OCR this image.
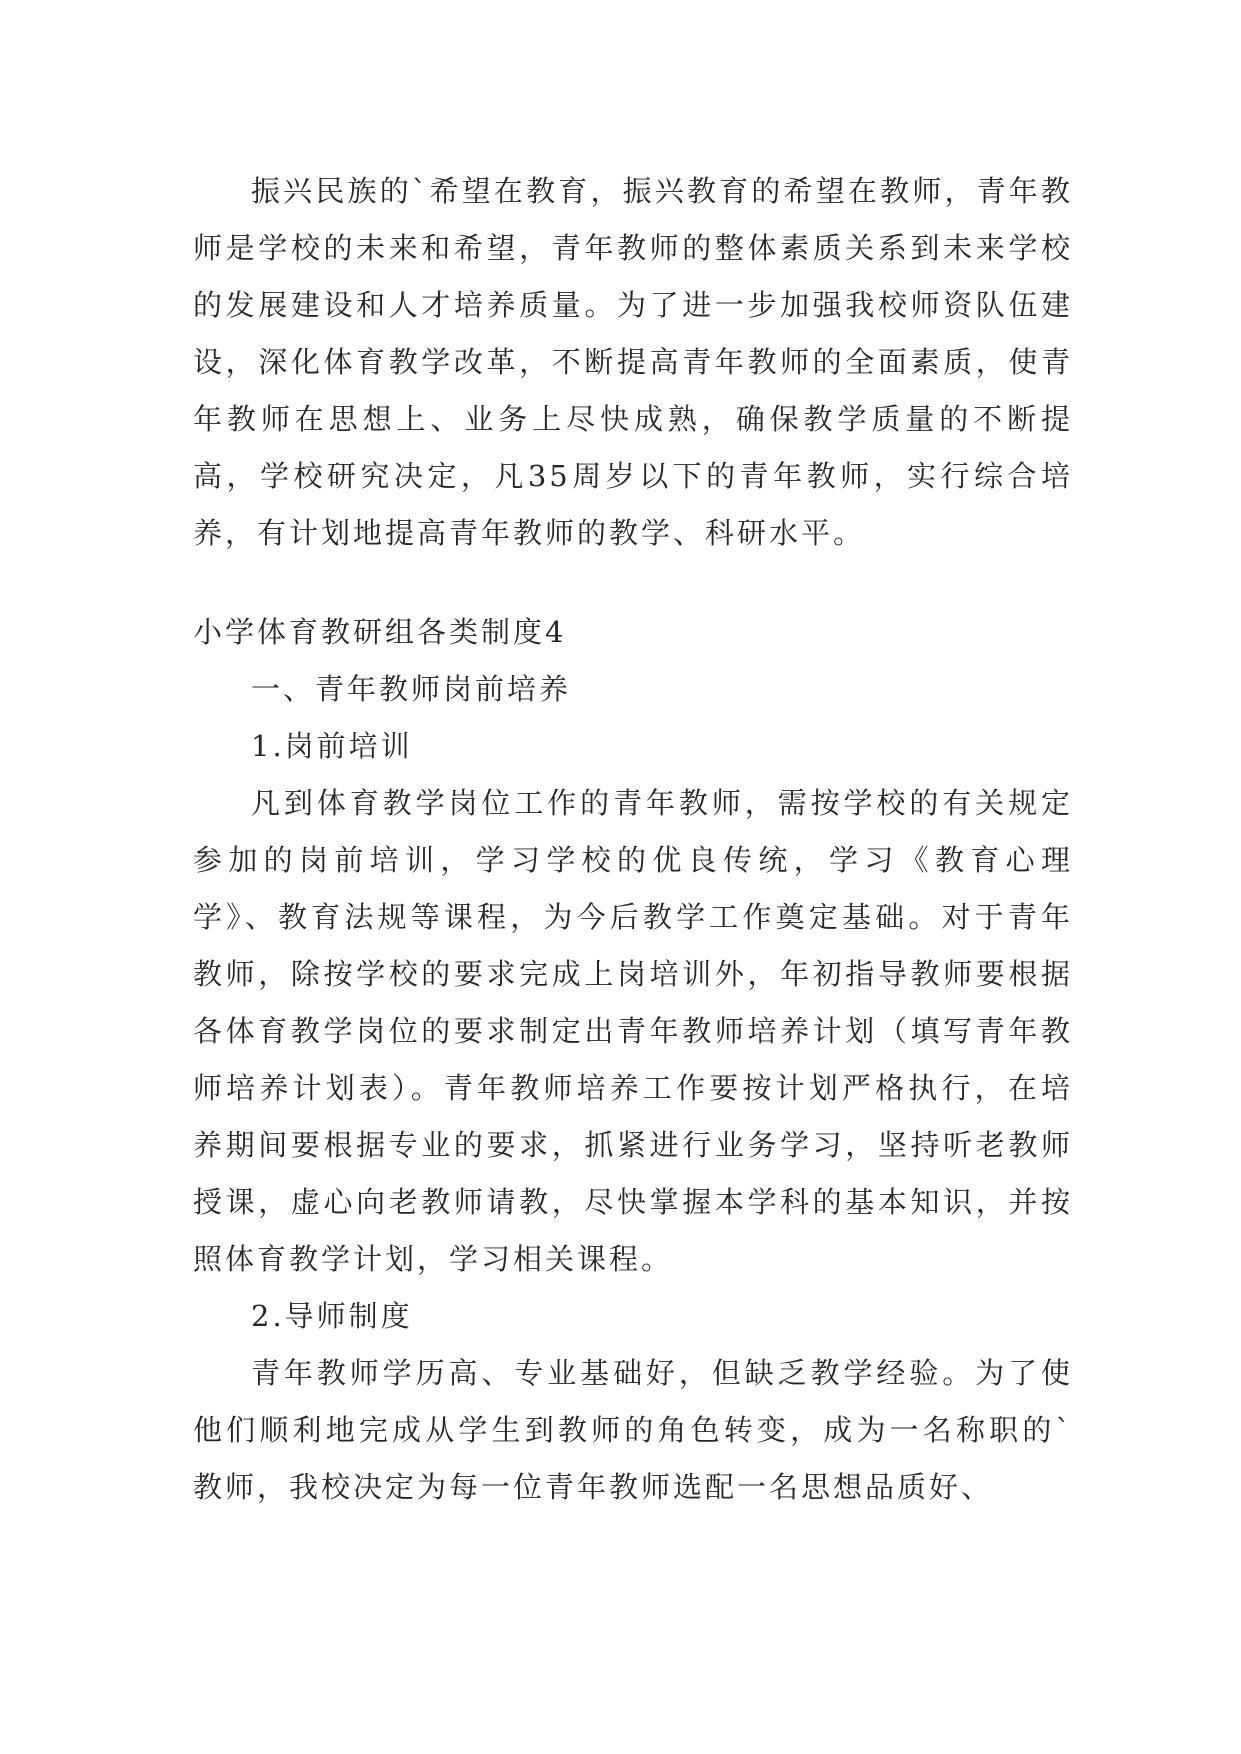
振兴民族的`希望在教育，振兴教育的希望在教师，青年教师是学校的未来和希望，青年教师的整体素质关系到未来学校的发展建设和人才培养质量。为了进一步加强我校师资队伍建设，深化体育教学改革，不断提高青年教师的全面素质，使青年教师在思想上、业务上尽快成熟，确保教学质量的不断提高，学校研究决定，凡35周岁以下的青年教师，实行综合培养，有计划地提高青年教师的教学、科研水平。

小学体育教研组各类制度4

一、青年教师岗前培养

1.岗前培训

凡到体育教学岗位工作的青年教师，需按学校的有关规定参加的岗前培训，学习学校的优良传统，学习《教育心理学》、教育法规等课程，为今后教学工作奠定基础。对于青年教师，除按学校的要求完成上岗培训外，年初指导教师要根据各体育教学岗位的要求制定出青年教师培养计划（填写青年教师培养计划表）。青年教师培养工作要按计划严格执行，在培养期间要根据专业的要求，抓紧进行业务学习，坚持听老教师授课，虚心向老教师请教，尽快掌握本学科的基本知识，并按照体育教学计划，学习相关课程。

2.导师制度

青年教师学历高、专业基础好，但缺乏教学经验。为了使他们顺利地完成从学生到教师的角色转变，成为一名称职的`教师，我校决定为每一位青年教师选配一名思想品质好、
